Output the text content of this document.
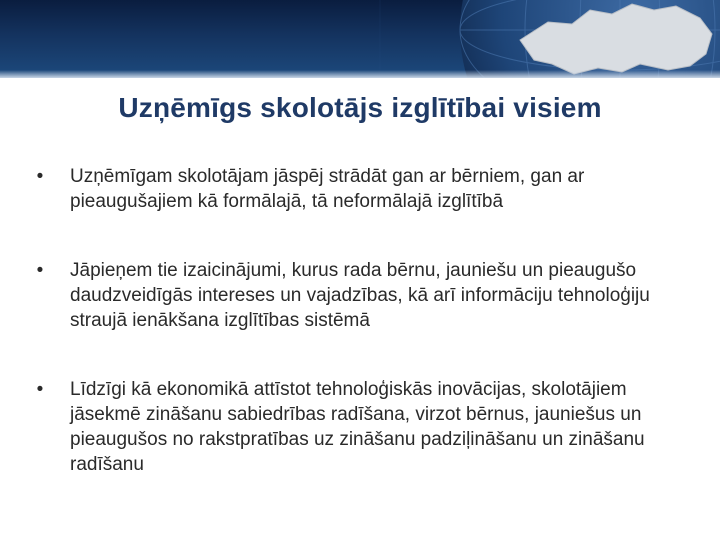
Uzņēmīgs skolotājs izglītībai visiem
•	Uzņēmīgam skolotājam jāspēj strādāt gan ar bērniem, gan ar pieaugušajiem kā formālajā, tā neformālajā izglītībā
•	Jāpieņem tie izaicinājumi, kurus rada bērnu, jauniešu un pieaugušo daudzveidīgās intereses un vajadzības, kā arī informāciju tehnoloģiju straujā ienākšana izglītības sistēmā
•	Līdzīgi kā ekonomikā attīstot tehnoloģiskās inovācijas, skolotājiem jāsekmē zināšanu sabiedrības radīšana, virzot bērnus, jauniešus un pieaugušos no rakstpratības uz zināšanu padziļināšanu un zināšanu radīšanu
